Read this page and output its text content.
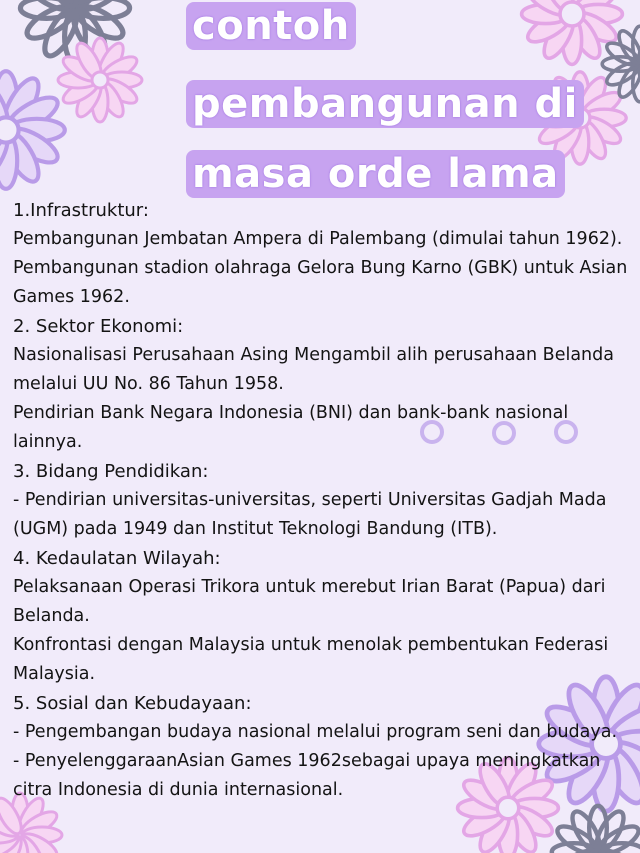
contoh
pembangunan di
masa orde lama

1.Infrastruktur:

Pembangunan Jembatan Ampera di Palembang (dimulai tahun 1962).

Pembangunan stadion olahraga Gelora Bung Karno (GBK) untuk Asian Games 1962.

2. Sektor Ekonomi:

Nasionalisasi Perusahaan Asing Mengambil alih perusahaan Belanda melalui UU No. 86 Tahun 1958.

Pendirian Bank Negara Indonesia (BNI) dan bank-bank nasional lainnya.

3. Bidang Pendidikan:

- Pendirian universitas-universitas, seperti Universitas Gadjah Mada (UGM) pada 1949 dan Institut Teknologi Bandung (ITB).

4. Kedaulatan Wilayah:

Pelaksanaan Operasi Trikora untuk merebut Irian Barat (Papua) dari Belanda.

Konfrontasi dengan Malaysia untuk menolak pembentukan Federasi Malaysia.

5. Sosial dan Kebudayaan:

- Pengembangan budaya nasional melalui program seni dan budaya.

- PenyelenggaraanAsian Games 1962sebagai upaya meningkatkan citra Indonesia di dunia internasional.
